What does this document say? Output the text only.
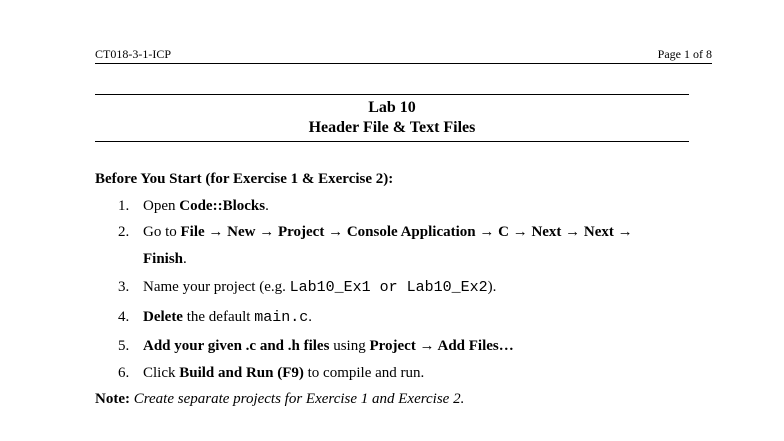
CT018-3-1-ICP	Page 1 of 8
Lab 10
Header File & Text Files
Before You Start (for Exercise 1 & Exercise 2):
1. Open Code::Blocks.
2. Go to File → New → Project → Console Application → C → Next → Next →
Finish.
3. Name your project (e.g. Lab10_Ex1 or Lab10_Ex2).
4. Delete the default main.c.
5. Add your given .c and .h files using Project → Add Files…
6. Click Build and Run (F9) to compile and run.
Note: Create separate projects for Exercise 1 and Exercise 2.
